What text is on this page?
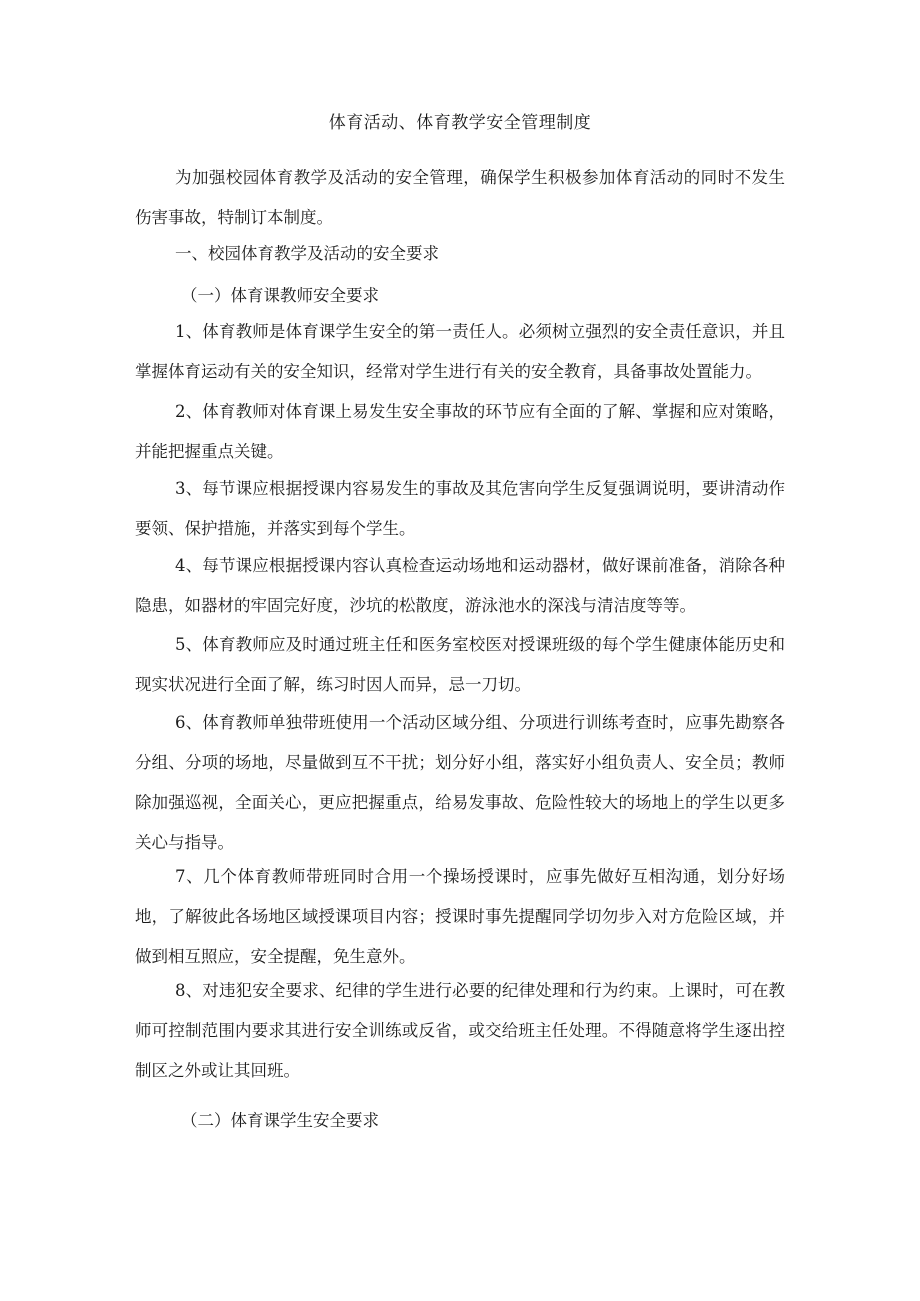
体育活动、体育教学安全管理制度

为加强校园体育教学及活动的安全管理，确保学生积极参加体育活动的同时不发生伤害事故，特制订本制度。

一、校园体育教学及活动的安全要求

（一）体育课教师安全要求

1、体育教师是体育课学生安全的第一责任人。必须树立强烈的安全责任意识，并且掌握体育运动有关的安全知识，经常对学生进行有关的安全教育，具备事故处置能力。

2、体育教师对体育课上易发生安全事故的环节应有全面的了解、掌握和应对策略，并能把握重点关键。

3、每节课应根据授课内容易发生的事故及其危害向学生反复强调说明，要讲清动作要领、保护措施，并落实到每个学生。

4、每节课应根据授课内容认真检查运动场地和运动器材，做好课前准备，消除各种隐患，如器材的牢固完好度，沙坑的松散度，游泳池水的深浅与清洁度等等。

5、体育教师应及时通过班主任和医务室校医对授课班级的每个学生健康体能历史和现实状况进行全面了解，练习时因人而异，忌一刀切。

6、体育教师单独带班使用一个活动区域分组、分项进行训练考查时，应事先勘察各分组、分项的场地，尽量做到互不干扰；划分好小组，落实好小组负责人、安全员；教师除加强巡视，全面关心，更应把握重点，给易发事故、危险性较大的场地上的学生以更多关心与指导。

7、几个体育教师带班同时合用一个操场授课时，应事先做好互相沟通，划分好场地，了解彼此各场地区域授课项目内容；授课时事先提醒同学切勿步入对方危险区域，并做到相互照应，安全提醒，免生意外。

8、对违犯安全要求、纪律的学生进行必要的纪律处理和行为约束。上课时，可在教师可控制范围内要求其进行安全训练或反省，或交给班主任处理。不得随意将学生逐出控制区之外或让其回班。

（二）体育课学生安全要求
